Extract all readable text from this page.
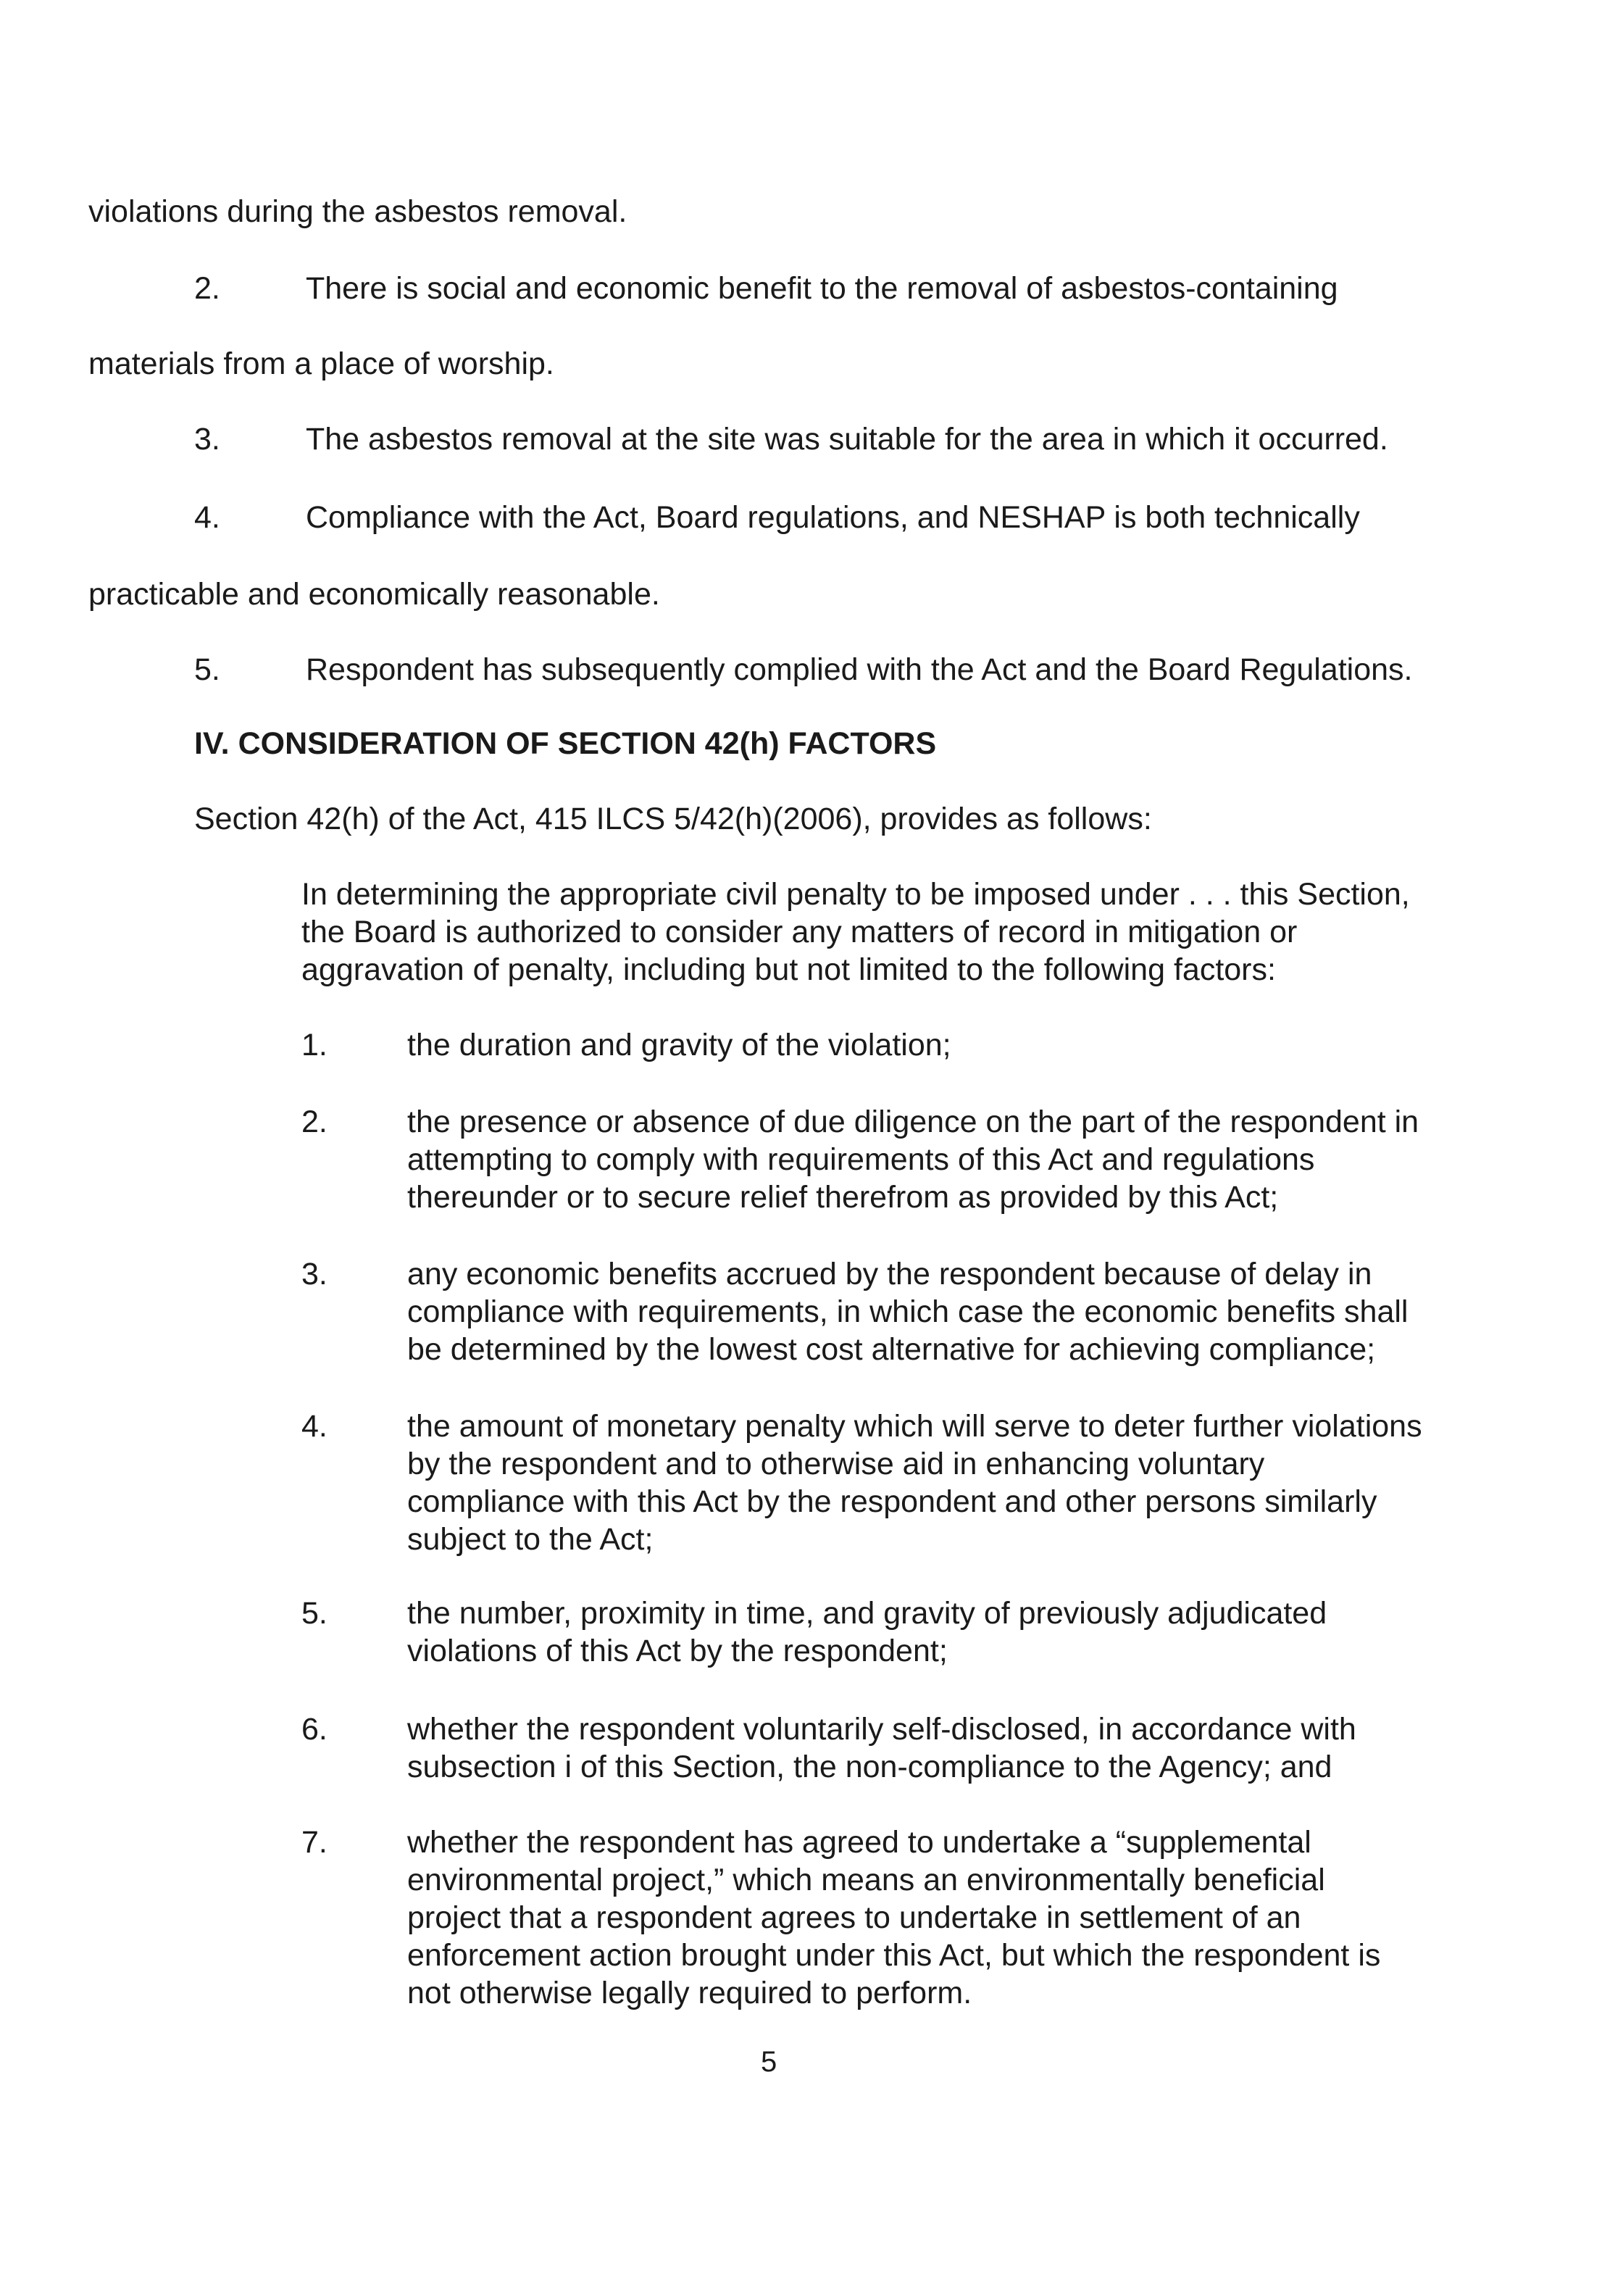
violations during the asbestos removal.
2.	There is social and economic benefit to the removal of asbestos-containing
materials from a place of worship.
3.	The asbestos removal at the site was suitable for the area in which it occurred.
4.	Compliance with the Act, Board regulations, and NESHAP is both technically
practicable and economically reasonable.
5.	Respondent has subsequently complied with the Act and the Board Regulations.
IV. CONSIDERATION OF SECTION 42(h) FACTORS
Section 42(h) of the Act, 415 ILCS 5/42(h)(2006), provides as follows:

In determining the appropriate civil penalty to be imposed under . . . this Section,

the Board is authorized to consider any matters of record in mitigation or

aggravation of penalty, including but not limited to the following factors:

1.	the duration and gravity of the violation;
2.	the presence or absence of due diligence on the part of the respondent in
attempting to comply with requirements of this Act and regulations
thereunder or to secure relief therefrom as provided by this Act;
3.	any economic benefits accrued by the respondent because of delay in
compliance with requirements, in which case the economic benefits shall
be determined by the lowest cost alternative for achieving compliance;
4.	the amount of monetary penalty which will serve to deter further violations
by the respondent and to otherwise aid in enhancing voluntary
compliance with this Act by the respondent and other persons similarly
subject to the Act;
5.	the number, proximity in time, and gravity of previously adjudicated
violations of this Act by the respondent;
6.	whether the respondent voluntarily self-disclosed, in accordance with
subsection i of this Section, the non-compliance to the Agency; and
7.	whether the respondent has agreed to undertake a “supplemental
environmental project,” which means an environmentally beneficial
project that a respondent agrees to undertake in settlement of an
enforcement action brought under this Act, but which the respondent is
not otherwise legally required to perform.
5
